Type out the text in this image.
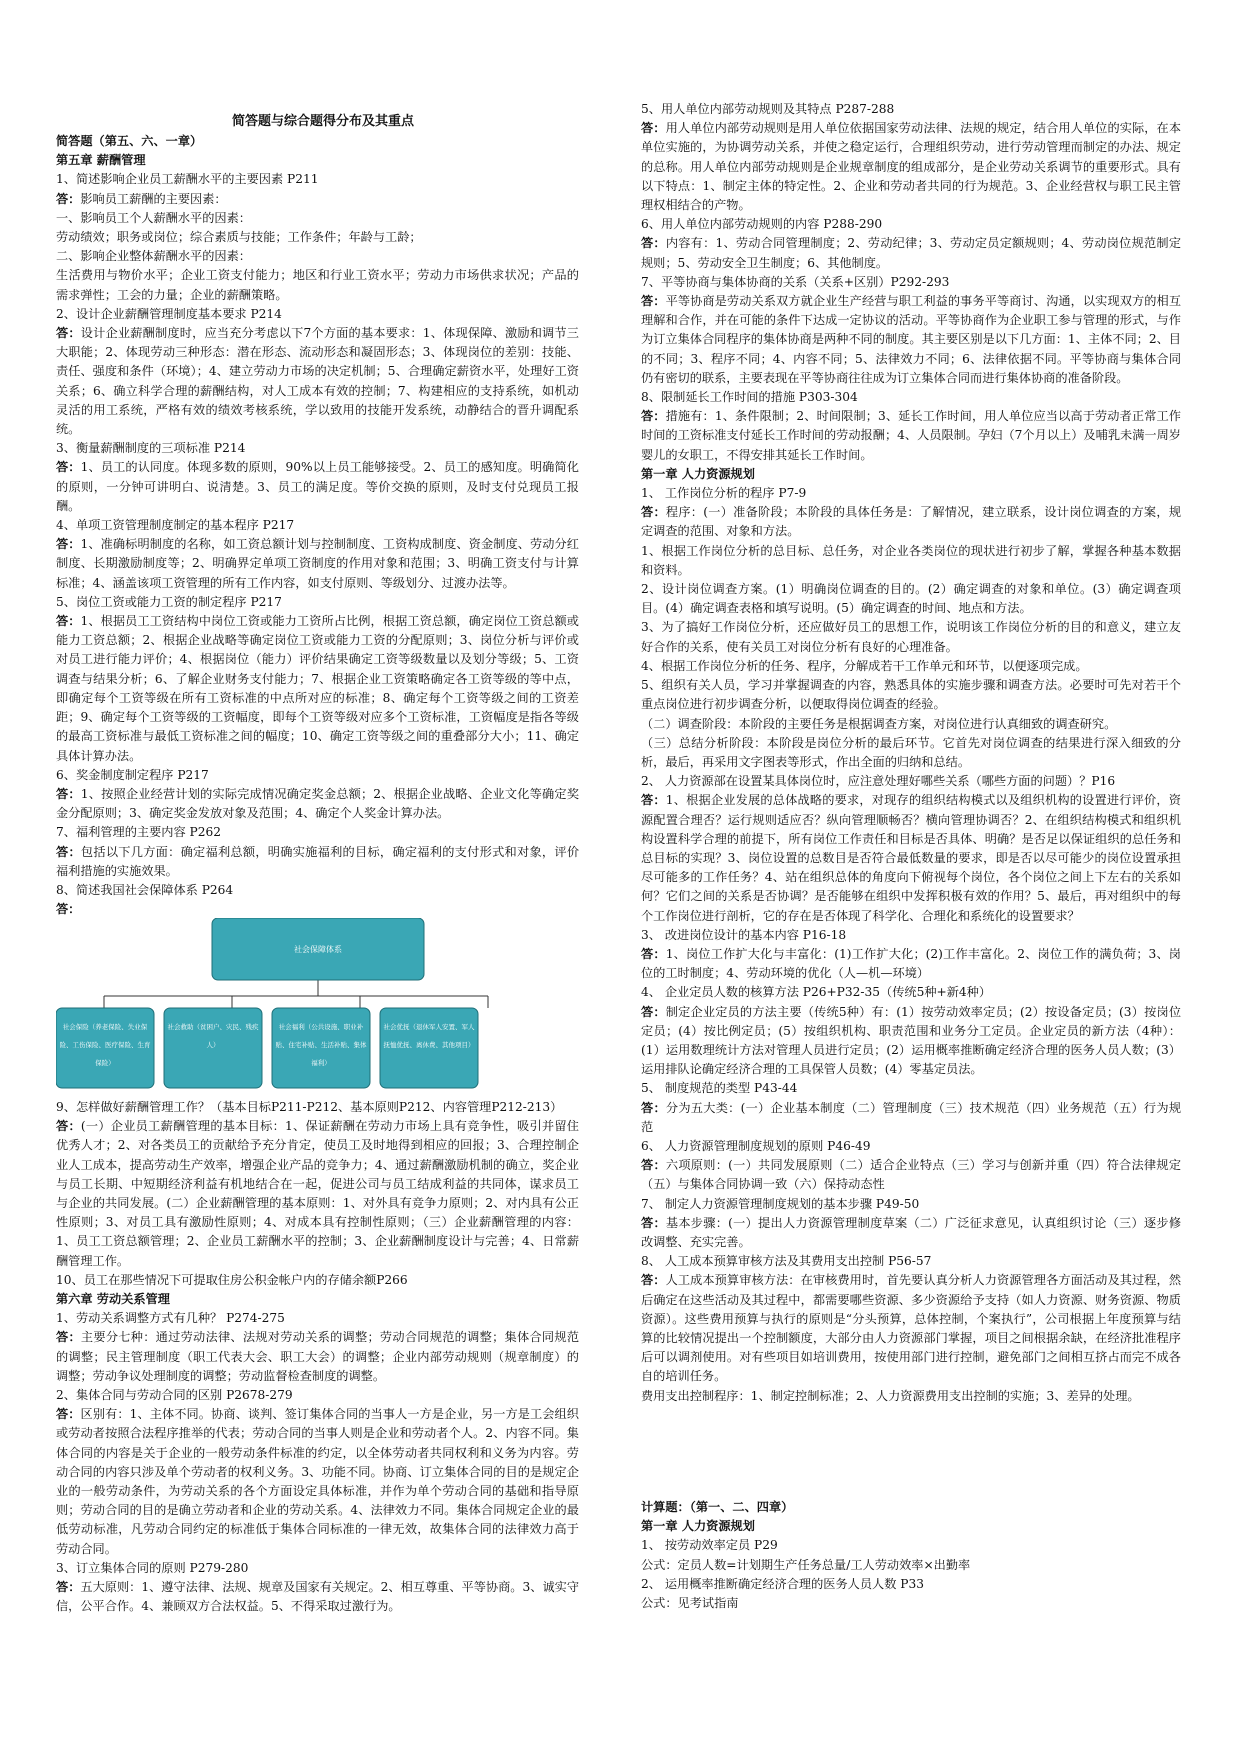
简答题与综合题得分布及其重点

简答题（第五、六、一章）

第五章 薪酬管理

1、简述影响企业员工薪酬水平的主要因素 P211

答：影响员工薪酬的主要因素：

一、影响员工个人薪酬水平的因素：

劳动绩效；职务或岗位；综合素质与技能；工作条件；年龄与工龄；

二、影响企业整体薪酬水平的因素：

生活费用与物价水平；企业工资支付能力；地区和行业工资水平；劳动力市场供求状况；产品的需求弹性；工会的力量；企业的薪酬策略。

2、设计企业薪酬管理制度基本要求 P214

答：设计企业薪酬制度时，应当充分考虑以下7个方面的基本要求：1、体现保障、激励和调节三大职能；2、体现劳动三种形态：潜在形态、流动形态和凝固形态；3、体现岗位的差别：技能、责任、强度和条件（环境）；4、建立劳动力市场的决定机制；5、合理确定薪资水平，处理好工资关系；6、确立科学合理的薪酬结构，对人工成本有效的控制；7、构建相应的支持系统，如机动灵活的用工系统，严格有效的绩效考核系统，学以致用的技能开发系统，动静结合的晋升调配系统。

3、衡量薪酬制度的三项标准 P214

答：1、员工的认同度。体现多数的原则，90%以上员工能够接受。2、员工的感知度。明确简化的原则，一分钟可讲明白、说清楚。3、员工的满足度。等价交换的原则，及时支付兑现员工报酬。

4、单项工资管理制度制定的基本程序 P217

答：1、准确标明制度的名称，如工资总额计划与控制制度、工资构成制度、资金制度、劳动分红制度、长期激励制度等；2、明确界定单项工资制度的作用对象和范围；3、明确工资支付与计算标准；4、涵盖该项工资管理的所有工作内容，如支付原则、等级划分、过渡办法等。

5、岗位工资或能力工资的制定程序 P217

答：1、根据员工工资结构中岗位工资或能力工资所占比例，根据工资总额，确定岗位工资总额或能力工资总额；2、根据企业战略等确定岗位工资或能力工资的分配原则；3、岗位分析与评价或对员工进行能力评价；4、根据岗位（能力）评价结果确定工资等级数量以及划分等级；5、工资调查与结果分析；6、了解企业财务支付能力；7、根据企业工资策略确定各工资等级的等中点，即确定每个工资等级在所有工资标准的中点所对应的标准；8、确定每个工资等级之间的工资差距；9、确定每个工资等级的工资幅度，即每个工资等级对应多个工资标准，工资幅度是指各等级的最高工资标准与最低工资标准之间的幅度；10、确定工资等级之间的重叠部分大小；11、确定具体计算办法。

6、奖金制度制定程序 P217

答：1、按照企业经营计划的实际完成情况确定奖金总额；2、根据企业战略、企业文化等确定奖金分配原则；3、确定奖金发放对象及范围；4、确定个人奖金计算办法。

7、福利管理的主要内容 P262

答：包括以下几方面：确定福利总额，明确实施福利的目标，确定福利的支付形式和对象，评价福利措施的实施效果。

8、简述我国社会保障体系 P264

答：

社会保障体系
社会保险（养老保险、失业保险、工伤保险、医疗保险、生育保险）
社会救助（贫困户、灾民、残疾人）
社会福利（公共设施、职业补贴、住宅补贴、生活补贴、集体福利）
社会优抚（退休军人安置、军人抚恤优抚、离休费、其他项目）

9、怎样做好薪酬管理工作？（基本目标P211-P212、基本原则P212、内容管理P212-213）

答：(一）企业员工薪酬管理的基本目标：1、保证薪酬在劳动力市场上具有竞争性，吸引并留住优秀人才；2、对各类员工的贡献给予充分肯定，使员工及时地得到相应的回报；3、合理控制企业人工成本，提高劳动生产效率，增强企业产品的竞争力；4、通过薪酬激励机制的确立，奖企业与员工长期、中短期经济利益有机地结合在一起，促进公司与员工结成利益的共同体，谋求员工与企业的共同发展。(二）企业薪酬管理的基本原则：1、对外具有竞争力原则；2、对内具有公正性原则；3、对员工具有激励性原则；4、对成本具有控制性原则；（三）企业薪酬管理的内容：1、员工工资总额管理；2、企业员工薪酬水平的控制；3、企业薪酬制度设计与完善；4、日常薪酬管理工作。

10、员工在那些情况下可提取住房公积金帐户内的存储余额P266

第六章 劳动关系管理

1、劳动关系调整方式有几种？ P274-275

答：主要分七种：通过劳动法律、法规对劳动关系的调整；劳动合同规范的调整；集体合同规范的调整；民主管理制度（职工代表大会、职工大会）的调整；企业内部劳动规则（规章制度）的调整；劳动争议处理制度的调整；劳动监督检查制度的调整。

2、集体合同与劳动合同的区别 P2678-279

答：区别有：1、主体不同。协商、谈判、签订集体合同的当事人一方是企业，另一方是工会组织或劳动者按照合法程序推举的代表；劳动合同的当事人则是企业和劳动者个人。2、内容不同。集体合同的内容是关于企业的一般劳动条件标准的约定，以全体劳动者共同权利和义务为内容。劳动合同的内容只涉及单个劳动者的权利义务。3、功能不同。协商、订立集体合同的目的是规定企业的一般劳动条件，为劳动关系的各个方面设定具体标准，并作为单个劳动合同的基础和指导原则；劳动合同的目的是确立劳动者和企业的劳动关系。4、法律效力不同。集体合同规定企业的最低劳动标准，凡劳动合同约定的标准低于集体合同标准的一律无效，故集体合同的法律效力高于劳动合同。

3、订立集体合同的原则 P279-280

答：五大原则：1、遵守法律、法规、规章及国家有关规定。2、相互尊重、平等协商。3、诚实守信，公平合作。4、兼顾双方合法权益。5、不得采取过激行为。

5、用人单位内部劳动规则及其特点 P287-288

答：用人单位内部劳动规则是用人单位依据国家劳动法律、法规的规定，结合用人单位的实际，在本单位实施的，为协调劳动关系，并使之稳定运行，合理组织劳动，进行劳动管理而制定的办法、规定的总称。用人单位内部劳动规则是企业规章制度的组成部分，是企业劳动关系调节的重要形式。具有以下特点：1、制定主体的特定性。2、企业和劳动者共同的行为规范。3、企业经营权与职工民主管理权相结合的产物。

6、用人单位内部劳动规则的内容 P288-290

答：内容有：1、劳动合同管理制度；2、劳动纪律；3、劳动定员定额规则；4、劳动岗位规范制定规则；5、劳动安全卫生制度；6、其他制度。

7、平等协商与集体协商的关系（关系+区别）P292-293

答：平等协商是劳动关系双方就企业生产经营与职工利益的事务平等商讨、沟通，以实现双方的相互理解和合作，并在可能的条件下达成一定协议的活动。平等协商作为企业职工参与管理的形式，与作为订立集体合同程序的集体协商是两种不同的制度。其主要区别是以下几方面：1、主体不同；2、目的不同；3、程序不同；4、内容不同；5、法律效力不同；6、法律依据不同。平等协商与集体合同仍有密切的联系，主要表现在平等协商往往成为订立集体合同而进行集体协商的准备阶段。

8、限制延长工作时间的措施 P303-304

答：措施有：1、条件限制；2、时间限制；3、延长工作时间，用人单位应当以高于劳动者正常工作时间的工资标准支付延长工作时间的劳动报酬；4、人员限制。孕妇（7个月以上）及哺乳未满一周岁婴儿的女职工，不得安排其延长工作时间。

第一章 人力资源规划

1、 工作岗位分析的程序 P7-9

答：程序：(一）准备阶段；本阶段的具体任务是：了解情况，建立联系，设计岗位调查的方案，规定调查的范围、对象和方法。

1、根据工作岗位分析的总目标、总任务，对企业各类岗位的现状进行初步了解，掌握各种基本数据和资料。

2、设计岗位调查方案。(1）明确岗位调查的目的。(2）确定调查的对象和单位。(3）确定调查项目。(4）确定调查表格和填写说明。(5）确定调查的时间、地点和方法。

3、为了搞好工作岗位分析，还应做好员工的思想工作，说明该工作岗位分析的目的和意义，建立友好合作的关系，使有关员工对岗位分析有良好的心理准备。

4、根据工作岗位分析的任务、程序，分解成若干工作单元和环节，以便逐项完成。

5、组织有关人员，学习并掌握调查的内容，熟悉具体的实施步骤和调查方法。必要时可先对若干个重点岗位进行初步调查分析，以便取得岗位调查的经验。

（二）调查阶段：本阶段的主要任务是根据调查方案，对岗位进行认真细致的调查研究。

（三）总结分析阶段：本阶段是岗位分析的最后环节。它首先对岗位调查的结果进行深入细致的分析，最后，再采用文字图表等形式，作出全面的归纳和总结。

2、 人力资源部在设置某具体岗位时，应注意处理好哪些关系（哪些方面的问题）？P16

答：1、根据企业发展的总体战略的要求，对现存的组织结构模式以及组织机构的设置进行评价，资源配置合理否？运行规则适应否？纵向管理顺畅否？横向管理协调否？2、在组织结构模式和组织机构设置科学合理的前提下，所有岗位工作责任和目标是否具体、明确？是否足以保证组织的总任务和总目标的实现？3、岗位设置的总数目是否符合最低数量的要求，即是否以尽可能少的岗位设置承担尽可能多的工作任务？4、站在组织总体的角度向下俯视每个岗位，各个岗位之间上下左右的关系如何？它们之间的关系是否协调？是否能够在组织中发挥积极有效的作用？5、最后，再对组织中的每个工作岗位进行剖析，它的存在是否体现了科学化、合理化和系统化的设置要求？

3、 改进岗位设计的基本内容 P16-18

答：1、岗位工作扩大化与丰富化：(1)工作扩大化；(2)工作丰富化。2、岗位工作的满负荷；3、岗位的工时制度；4、劳动环境的优化（人—机—环境）

4、 企业定员人数的核算方法 P26+P32-35（传统5种+新4种）

答：制定企业定员的方法主要（传统5种）有：(1）按劳动效率定员；(2）按设备定员；(3）按岗位定员；(4）按比例定员；(5）按组织机构、职责范围和业务分工定员。企业定员的新方法（4种）：(1）运用数理统计方法对管理人员进行定员；(2）运用概率推断确定经济合理的医务人员人数；(3）运用排队论确定经济合理的工具保管人员数；(4）零基定员法。

5、 制度规范的类型 P43-44

答：分为五大类：(一）企业基本制度（二）管理制度（三）技术规范（四）业务规范（五）行为规范

6、 人力资源管理制度规划的原则 P46-49

答：六项原则：(一）共同发展原则（二）适合企业特点（三）学习与创新并重（四）符合法律规定（五）与集体合同协调一致（六）保持动态性

7、 制定人力资源管理制度规划的基本步骤 P49-50

答：基本步骤：(一）提出人力资源管理制度草案（二）广泛征求意见，认真组织讨论（三）逐步修改调整、充实完善。

8、 人工成本预算审核方法及其费用支出控制 P56-57

答：人工成本预算审核方法：在审核费用时，首先要认真分析人力资源管理各方面活动及其过程，然后确定在这些活动及其过程中，都需要哪些资源、多少资源给予支持（如人力资源、财务资源、物质资源）。这些费用预算与执行的原则是“分头预算，总体控制，个案执行”，公司根据上年度预算与结算的比较情况提出一个控制额度，大部分由人力资源部门掌握，项目之间根据余缺，在经济批准程序后可以调剂使用。对有些项目如培训费用，按使用部门进行控制，避免部门之间相互挤占而完不成各自的培训任务。

费用支出控制程序：1、制定控制标准；2、人力资源费用支出控制的实施；3、差异的处理。

计算题：（第一、二、四章）

第一章 人力资源规划

1、 按劳动效率定员 P29

公式：定员人数=计划期生产任务总量/工人劳动效率×出勤率

2、 运用概率推断确定经济合理的医务人员人数 P33

公式：见考试指南
